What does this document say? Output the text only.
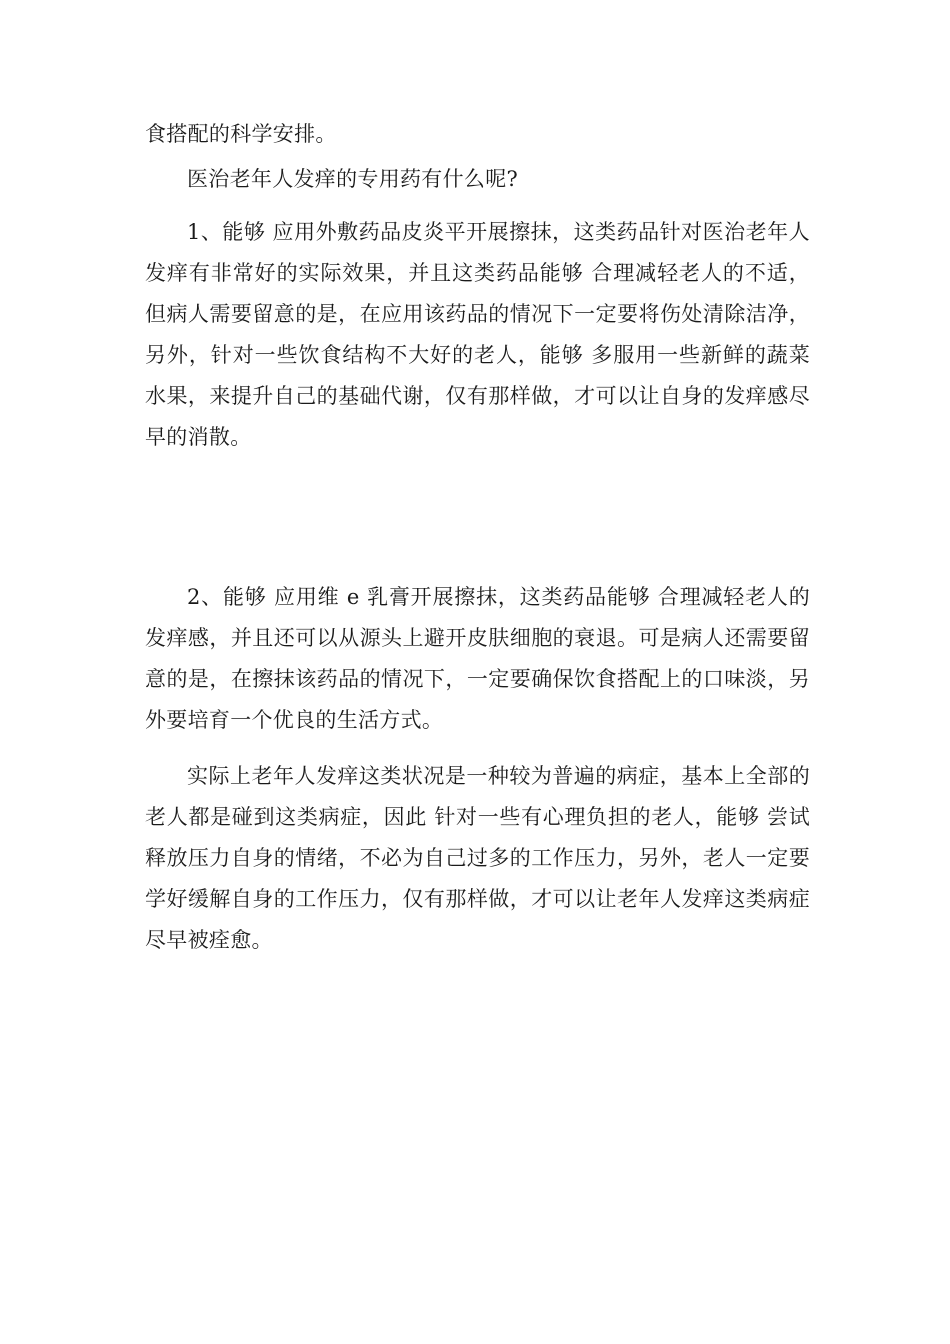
食搭配的科学安排。

医治老年人发痒的专用药有什么呢?

1、能够 应用外敷药品皮炎平开展擦抹，这类药品针对医治老年人发痒有非常好的实际效果，并且这类药品能够 合理减轻老人的不适，但病人需要留意的是，在应用该药品的情况下一定要将伤处清除洁净，另外，针对一些饮食结构不大好的老人，能够 多服用一些新鲜的蔬菜水果，来提升自己的基础代谢，仅有那样做，才可以让自身的发痒感尽早的消散。

2、能够 应用维 e 乳膏开展擦抹，这类药品能够 合理减轻老人的发痒感，并且还可以从源头上避开皮肤细胞的衰退。可是病人还需要留意的是，在擦抹该药品的情况下，一定要确保饮食搭配上的口味淡，另外要培育一个优良的生活方式。

实际上老年人发痒这类状况是一种较为普遍的病症，基本上全部的老人都是碰到这类病症，因此 针对一些有心理负担的老人，能够 尝试释放压力自身的情绪，不必为自己过多的工作压力，另外，老人一定要学好缓解自身的工作压力，仅有那样做，才可以让老年人发痒这类病症尽早被痊愈。
